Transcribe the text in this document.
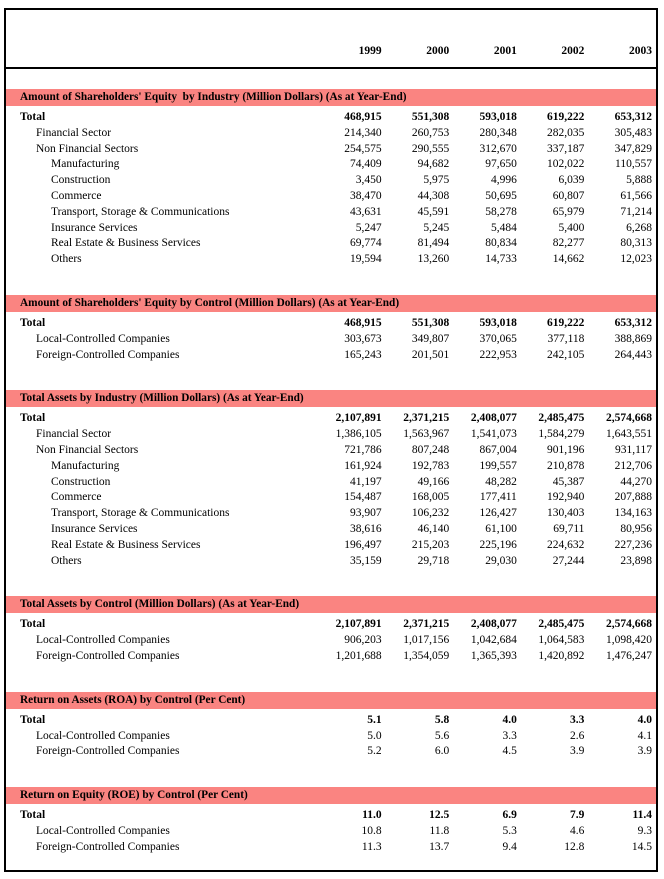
1999	2000	2001	2002	2003
Amount of Shareholders' Equity  by Industry (Million Dollars) (As at Year-End)
Total	468,915	551,308	593,018	619,222	653,312
Financial Sector	214,340	260,753	280,348	282,035	305,483
Non Financial Sectors	254,575	290,555	312,670	337,187	347,829
Manufacturing	74,409	94,682	97,650	102,022	110,557
Construction	3,450	5,975	4,996	6,039	5,888
Commerce	38,470	44,308	50,695	60,807	61,566
Transport, Storage & Communications	43,631	45,591	58,278	65,979	71,214
Insurance Services	5,247	5,245	5,484	5,400	6,268
Real Estate & Business Services	69,774	81,494	80,834	82,277	80,313
Others	19,594	13,260	14,733	14,662	12,023
Amount of Shareholders' Equity by Control (Million Dollars) (As at Year-End)
Total	468,915	551,308	593,018	619,222	653,312
Local-Controlled Companies	303,673	349,807	370,065	377,118	388,869
Foreign-Controlled Companies	165,243	201,501	222,953	242,105	264,443
Total Assets by Industry (Million Dollars) (As at Year-End)
Total	2,107,891	2,371,215	2,408,077	2,485,475	2,574,668
Financial Sector	1,386,105	1,563,967	1,541,073	1,584,279	1,643,551
Non Financial Sectors	721,786	807,248	867,004	901,196	931,117
Manufacturing	161,924	192,783	199,557	210,878	212,706
Construction	41,197	49,166	48,282	45,387	44,270
Commerce	154,487	168,005	177,411	192,940	207,888
Transport, Storage & Communications	93,907	106,232	126,427	130,403	134,163
Insurance Services	38,616	46,140	61,100	69,711	80,956
Real Estate & Business Services	196,497	215,203	225,196	224,632	227,236
Others	35,159	29,718	29,030	27,244	23,898
Total Assets by Control (Million Dollars) (As at Year-End)
Total	2,107,891	2,371,215	2,408,077	2,485,475	2,574,668
Local-Controlled Companies	906,203	1,017,156	1,042,684	1,064,583	1,098,420
Foreign-Controlled Companies	1,201,688	1,354,059	1,365,393	1,420,892	1,476,247
Return on Assets (ROA) by Control (Per Cent)
Total	5.1	5.8	4.0	3.3	4.0
Local-Controlled Companies	5.0	5.6	3.3	2.6	4.1
Foreign-Controlled Companies	5.2	6.0	4.5	3.9	3.9
Return on Equity (ROE) by Control (Per Cent)
Total	11.0	12.5	6.9	7.9	11.4
Local-Controlled Companies	10.8	11.8	5.3	4.6	9.3
Foreign-Controlled Companies	11.3	13.7	9.4	12.8	14.5
